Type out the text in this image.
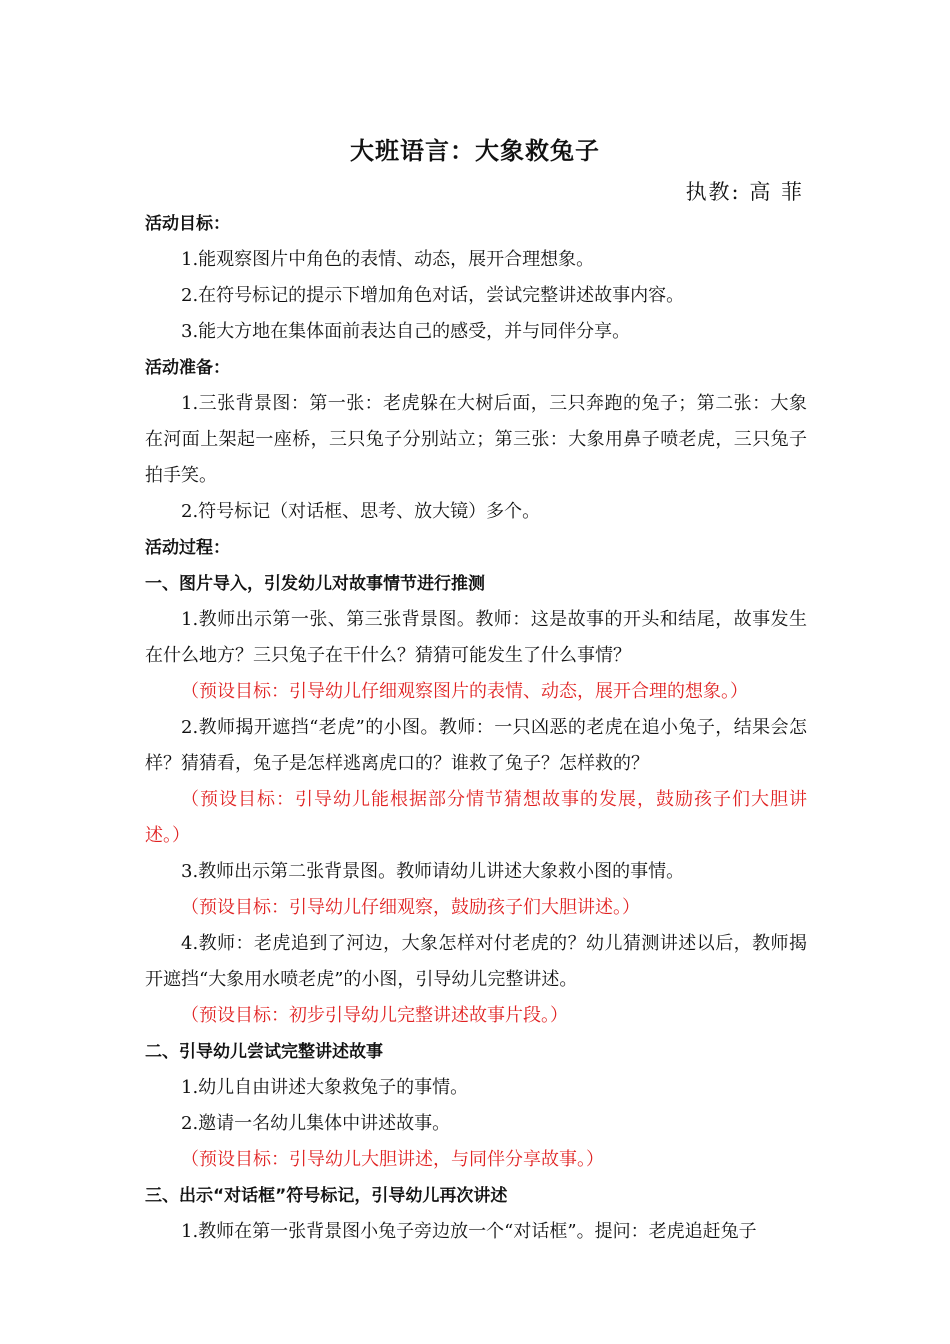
大班语言：大象救兔子
执教: 高 菲
活动目标：
1.能观察图片中角色的表情、动态，展开合理想象。
2.在符号标记的提示下增加角色对话，尝试完整讲述故事内容。
3.能大方地在集体面前表达自己的感受，并与同伴分享。
活动准备：
1.三张背景图：第一张：老虎躲在大树后面，三只奔跑的兔子；第二张：大象在河面上架起一座桥，三只兔子分别站立；第三张：大象用鼻子喷老虎，三只兔子拍手笑。
2.符号标记（对话框、思考、放大镜）多个。
活动过程：
一、图片导入，引发幼儿对故事情节进行推测
1.教师出示第一张、第三张背景图。教师：这是故事的开头和结尾，故事发生在什么地方？三只兔子在干什么？猜猜可能发生了什么事情？
（预设目标：引导幼儿仔细观察图片的表情、动态，展开合理的想象。）
2.教师揭开遮挡“老虎”的小图。教师：一只凶恶的老虎在追小兔子，结果会怎样？猜猜看，兔子是怎样逃离虎口的？谁救了兔子？怎样救的？
（预设目标：引导幼儿能根据部分情节猜想故事的发展，鼓励孩子们大胆讲述。）
3.教师出示第二张背景图。教师请幼儿讲述大象救小图的事情。
（预设目标：引导幼儿仔细观察，鼓励孩子们大胆讲述。）
4.教师：老虎追到了河边，大象怎样对付老虎的？幼儿猜测讲述以后，教师揭开遮挡“大象用水喷老虎”的小图，引导幼儿完整讲述。
（预设目标：初步引导幼儿完整讲述故事片段。）
二、引导幼儿尝试完整讲述故事
1.幼儿自由讲述大象救兔子的事情。
2.邀请一名幼儿集体中讲述故事。
（预设目标：引导幼儿大胆讲述，与同伴分享故事。）
三、出示“对话框”符号标记，引导幼儿再次讲述
1.教师在第一张背景图小兔子旁边放一个“对话框”。提问：老虎追赶兔子
